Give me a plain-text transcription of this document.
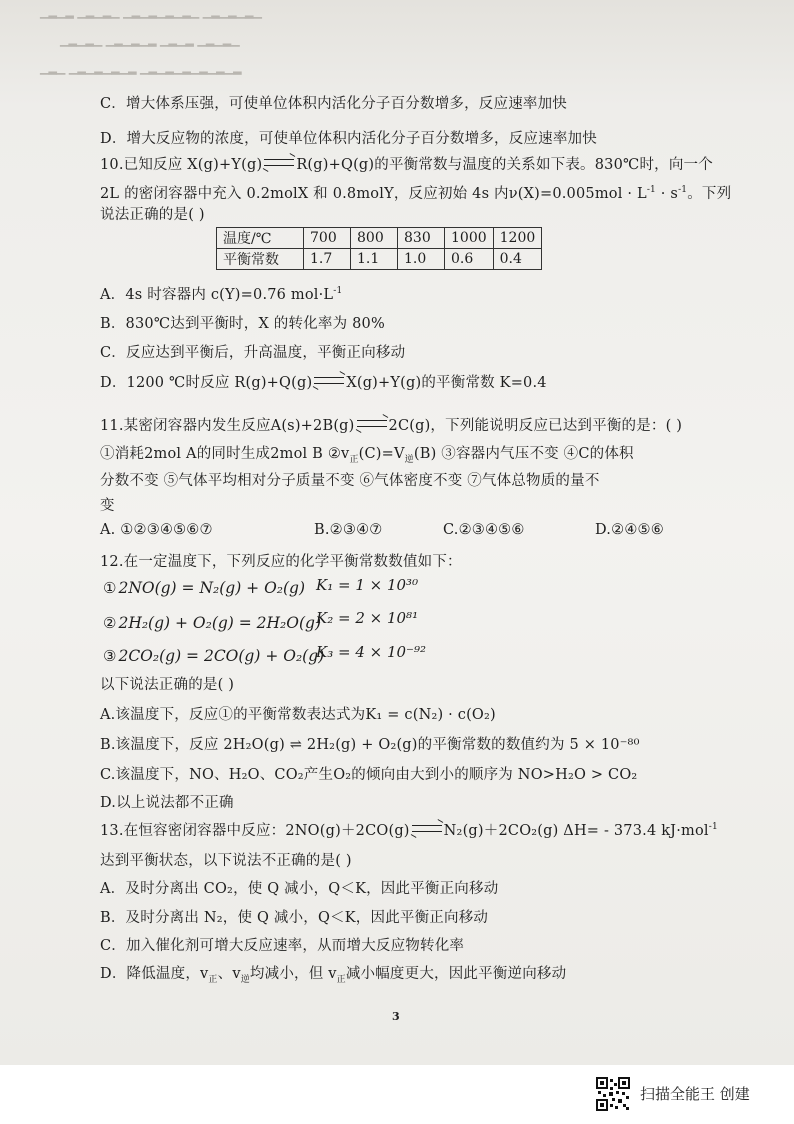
▁▂▁▂ ▁▂▁▂▁ ▁▂▁▂▁▂▁▂▁ ▁▂▁▂▁▂▁
▁▂▁▂▁ ▁▂▁▂▁▂ ▁▂▁▂ ▁▂▁▂▁
▁▂▁ ▁▂▁▂▁▂▁▂ ▁▂▁▂▁▂▁▂▁▂▁▂
C．增大体系压强，可使单位体积内活化分子百分数增多，反应速率加快
D．增大反应物的浓度，可使单位体积内活化分子百分数增多，反应速率加快
10.已知反应 X(g)+Y(g) R(g)+Q(g)的平衡常数与温度的关系如下表。830℃时，向一个
2L 的密闭容器中充入 0.2molX 和 0.8molY，反应初始 4s 内$\nu(X)=0.005mol \cdot L^{-1} \cdot s^{-1}$。下列
说法正确的是( )
温度/℃	700	800	830	1000	1200
平衡常数	1.7	1.1	1.0	0.6	0.4
A．4s 时容器内 c(Y)=0.76 $mol\cdot L^{-1}$
B．830℃达到平衡时，X 的转化率为 80%
C．反应达到平衡后，升高温度，平衡正向移动
D．1200 ℃时反应 R(g)+Q(g) X(g)+Y(g)的平衡常数 K=0.4
11.某密闭容器内发生反应A(s)+2B(g) 2C(g)，下列能说明反应已达到平衡的是：( )
①消耗2mol A的同时生成2mol B $②v_正(C)=V_逆(B)$ ③容器内气压不变 ④C的体积
分数不变 ⑤气体平均相对分子质量不变 ⑥气体密度不变 ⑦气体总物质的量不
变
A. ①②③④⑤⑥⑦	B.②③④⑦	C.②③④⑤⑥	D.②④⑤⑥
12.在一定温度下，下列反应的化学平衡常数数值如下：
① 2NO(g) = N₂(g) + O₂(g) K₁ = 1 × 10³⁰
② 2H₂(g) + O₂(g) = 2H₂O(g)
K₂ = 2 × 10⁸¹
③ 2CO₂(g) = 2CO(g) + O₂(g)
K₃ = 4 × 10⁻⁹²
以下说法正确的是( )
A.该温度下，反应①的平衡常数表达式为K₁ = c(N₂) · c(O₂)
B.该温度下，反应 2H₂O(g) ⇌ 2H₂(g) + O₂(g)的平衡常数的数值约为 5 × 10⁻⁸⁰
C.该温度下，NO、H₂O、CO₂产生O₂的倾向由大到小的顺序为 NO>H₂O > CO₂
D.以上说法都不正确
13.在恒容密闭容器中反应：2NO(g)＋2CO(g) N₂(g)＋2CO₂(g) ΔH= - 373.4 kJ·mol$^{-1}$
达到平衡状态，以下说法不正确的是( )
A．及时分离出 CO₂，使 Q 减小，Q＜K，因此平衡正向移动
B．及时分离出 N₂，使 Q 减小，Q＜K，因此平衡正向移动
C．加入催化剂可增大反应速率，从而增大反应物转化率
D．降低温度，$v_正$、$v_逆$均减小，但 $v_正$减小幅度更大，因此平衡逆向移动
3
扫描全能王 创建
